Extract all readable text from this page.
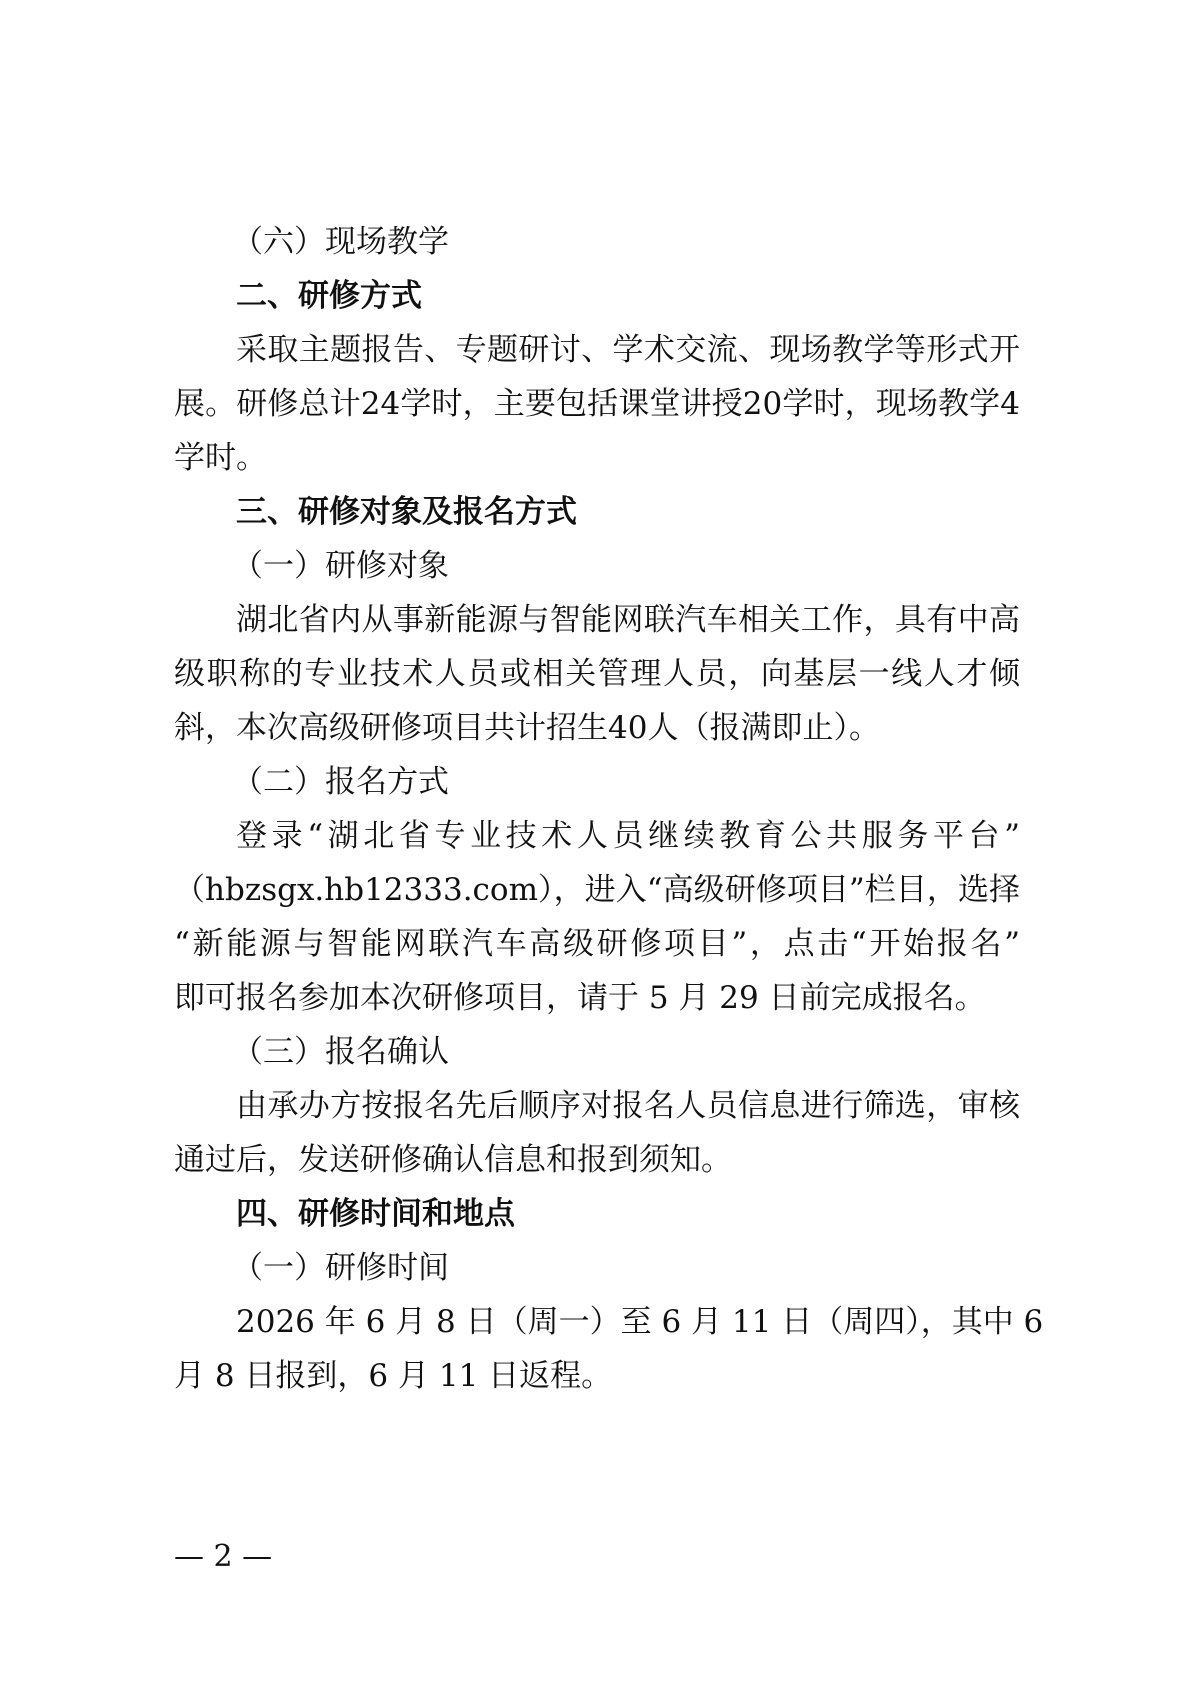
（六）现场教学
二、研修方式
采取主题报告、专题研讨、学术交流、现场教学等形式开
展。研修总计24学时，主要包括课堂讲授20学时，现场教学4
学时。
三、研修对象及报名方式
（一）研修对象
湖北省内从事新能源与智能网联汽车相关工作，具有中高
级职称的专业技术人员或相关管理人员，向基层一线人才倾
斜，本次高级研修项目共计招生40人（报满即止）。
（二）报名方式
登录“湖北省专业技术人员继续教育公共服务平台”
（hbzsgx.hb12333.com），进入“高级研修项目”栏目，选择
“新能源与智能网联汽车高级研修项目”，点击“开始报名”
即可报名参加本次研修项目，请于 5 月 29 日前完成报名。
（三）报名确认
由承办方按报名先后顺序对报名人员信息进行筛选，审核
通过后，发送研修确认信息和报到须知。
四、研修时间和地点
（一）研修时间
2026 年 6 月 8 日（周一）至 6 月 11 日（周四），其中 6
月 8 日报到，6 月 11 日返程。
— 2 —
